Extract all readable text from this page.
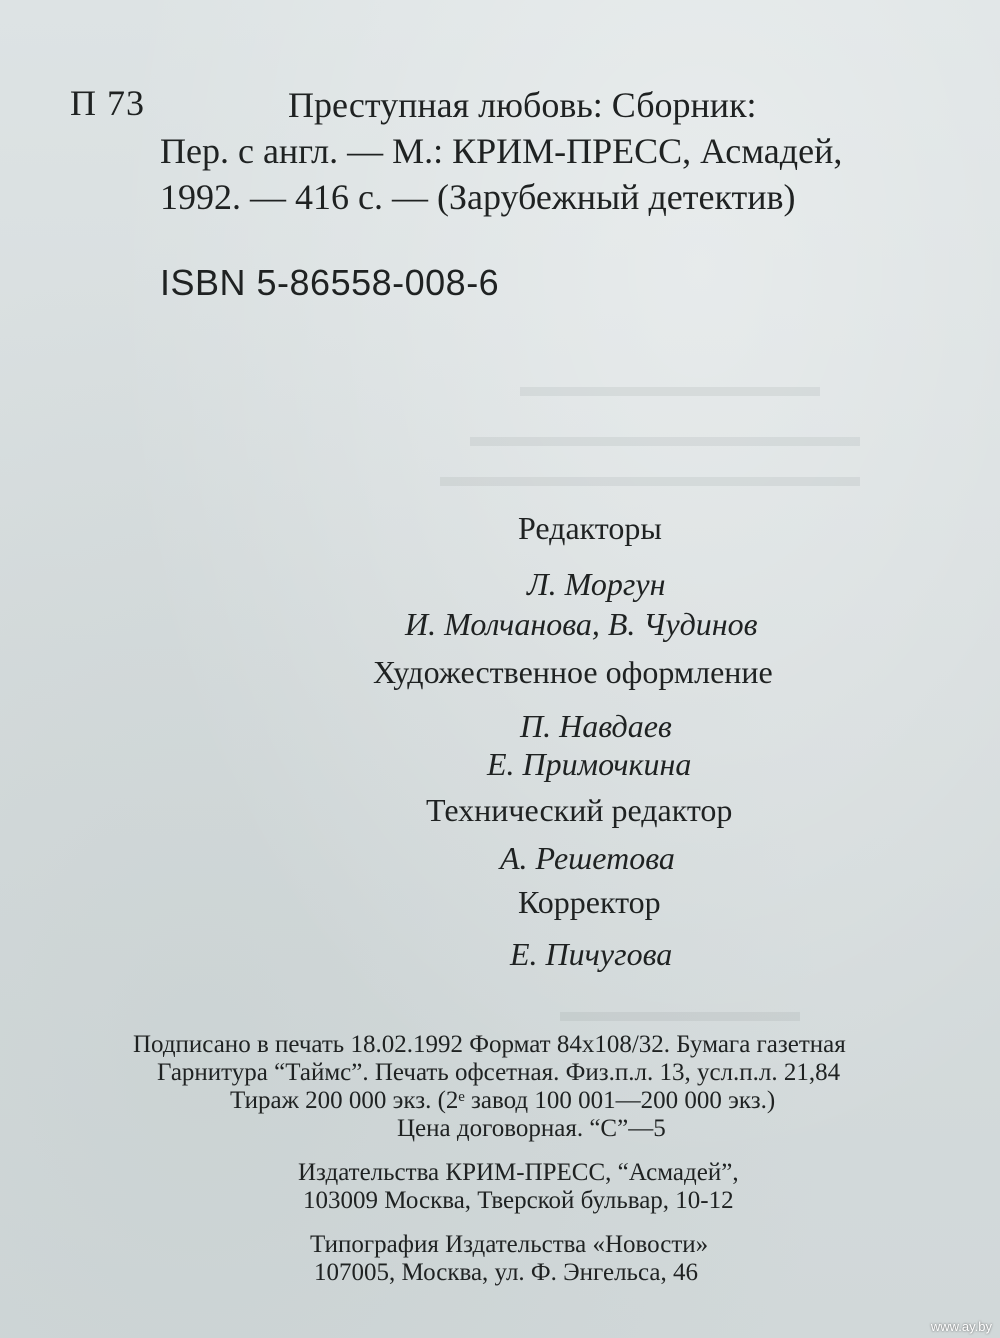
▬▬▬▬▬▬▬▬▬▬
▬▬▬▬▬▬▬▬▬▬▬▬▬
▬▬▬▬▬▬▬▬▬▬▬▬▬▬
▬▬▬▬▬▬▬▬
П 73	Преступная любовь: Сборник:
Пер. с англ. — М.: КРИМ-ПРЕСС, Асмадей,
1992. — 416 с. — (Зарубежный детектив)
ISBN 5-86558-008-6
Редакторы
Л. Моргун
И. Молчанова, В. Чудинов
Художественное оформление
П. Навдаев
Е. Примочкина
Технический редактор
А. Решетова
Корректор
Е. Пичугова
Подписано в печать 18.02.1992 Формат 84х108/32. Бумага газетная
Гарнитура “Таймс”. Печать офсетная. Физ.п.л. 13, усл.п.л. 21,84
Тираж 200 000 экз. (2ᵉ завод 100 001—200 000 экз.)
Цена договорная. “С”—5
Издательства КРИМ-ПРЕСС, “Асмадей”,
103009 Москва, Тверской бульвар, 10-12
Типография Издательства «Новости»
107005, Москва, ул. Ф. Энгельса, 46
www.ay.by
